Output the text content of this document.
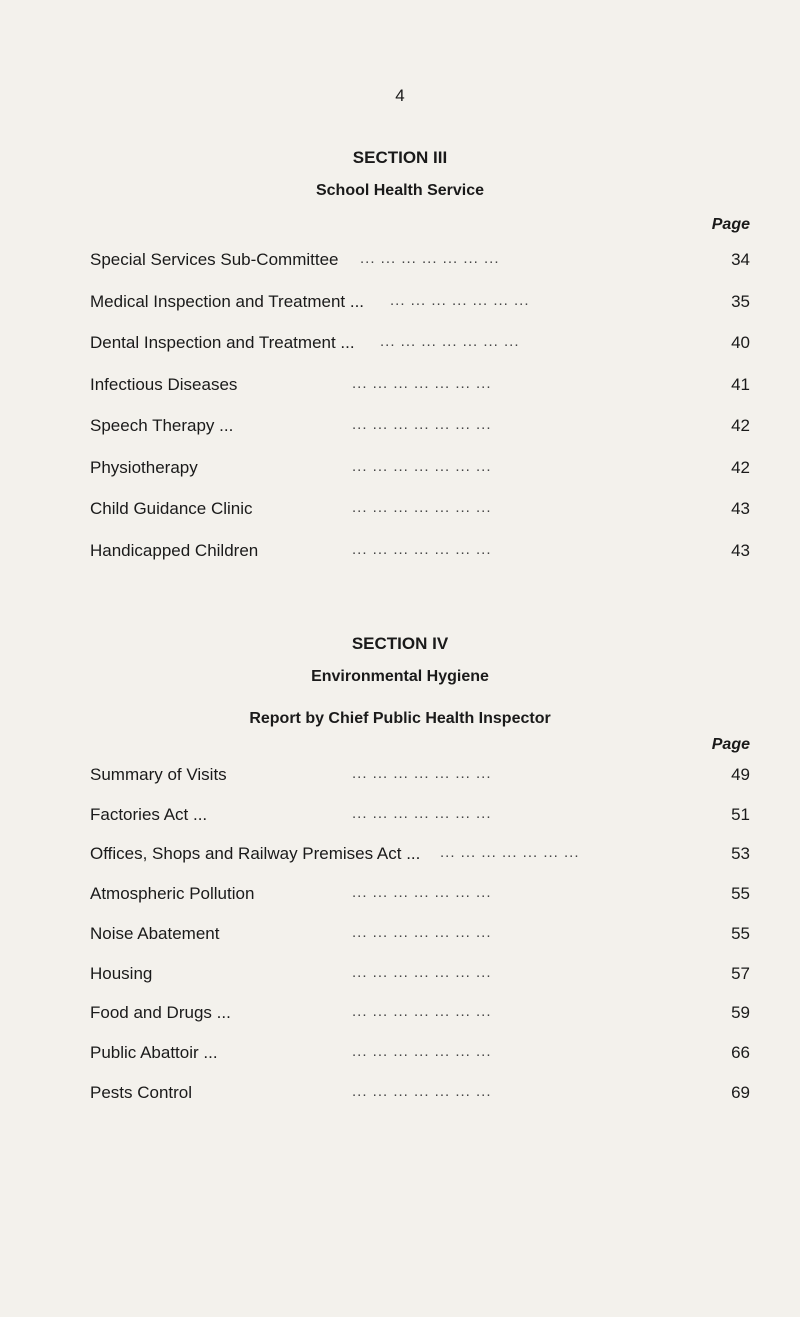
4
SECTION III
School Health Service
Page
Special Services Sub-Committee ... ... ... ... ... ... ...	34
Medical Inspection and Treatment ... ... ... ... ... ... ... ...	35
Dental Inspection and Treatment ... ... ... ... ... ... ... ...	40
Infectious Diseases	... ... ... ... ... ... ...	41
Speech Therapy ...	... ... ... ... ... ... ...	42
Physiotherapy	... ... ... ... ... ... ...	42
Child Guidance Clinic	... ... ... ... ... ... ...	43
Handicapped Children	... ... ... ... ... ... ...	43
SECTION IV
Environmental Hygiene
Report by Chief Public Health Inspector
Page
Summary of Visits	... ... ... ... ... ... ...	49
Factories Act ...	... ... ... ... ... ... ...	51
Offices, Shops and Railway Premises Act ... ... ... ... ... ... ... ...	53
Atmospheric Pollution	... ... ... ... ... ... ...	55
Noise Abatement	... ... ... ... ... ... ...	55
Housing	... ... ... ... ... ... ...	57
Food and Drugs ...	... ... ... ... ... ... ...	59
Public Abattoir ...	... ... ... ... ... ... ...	66
Pests Control	... ... ... ... ... ... ...	69
